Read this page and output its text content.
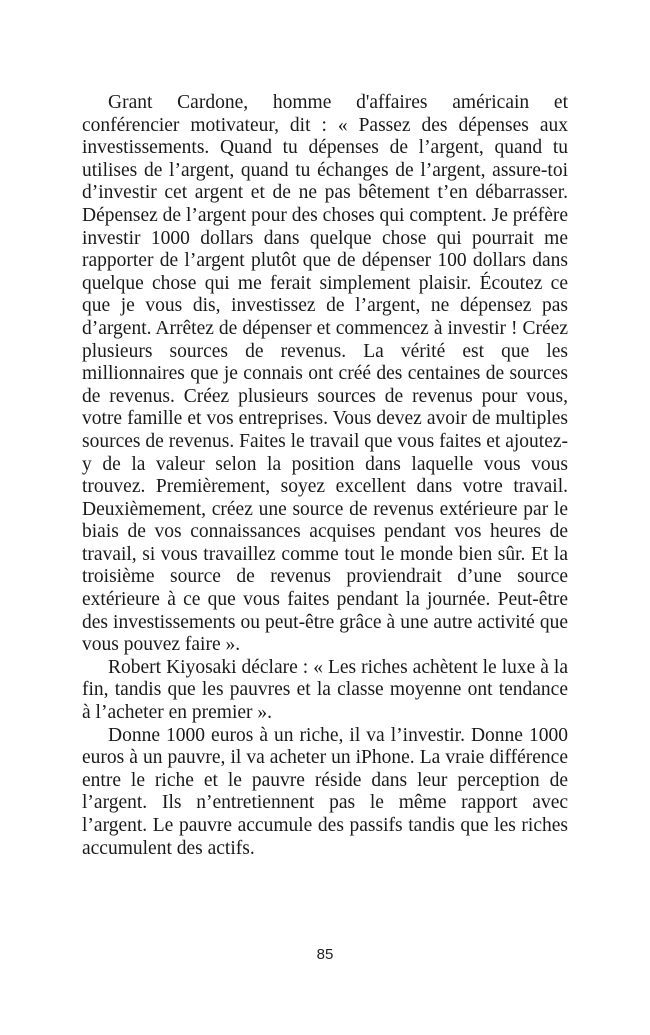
Grant Cardone, homme d'affaires américain et conférencier motivateur, dit : « Passez des dépenses aux investissements. Quand tu dépenses de l’argent, quand tu utilises de l’argent, quand tu échanges de l’argent, assure-toi d’investir cet argent et de ne pas bêtement t’en débarrasser. Dépensez de l’argent pour des choses qui comptent. Je préfère investir 1000 dollars dans quelque chose qui pourrait me rapporter de l’argent plutôt que de dépenser 100 dollars dans quelque chose qui me ferait simplement plaisir. Écoutez ce que je vous dis, investissez de l’argent, ne dépensez pas d’argent. Arrêtez de dépenser et commencez à investir ! Créez plusieurs sources de revenus. La vérité est que les millionnaires que je connais ont créé des centaines de sources de revenus. Créez plusieurs sources de revenus pour vous, votre famille et vos entreprises. Vous devez avoir de multiples sources de revenus. Faites le travail que vous faites et ajoutez-y de la valeur selon la position dans laquelle vous vous trouvez. Premièrement, soyez excellent dans votre travail. Deuxièmement, créez une source de revenus extérieure par le biais de vos connaissances acquises pendant vos heures de travail, si vous travaillez comme tout le monde bien sûr. Et la troisième source de revenus proviendrait d’une source extérieure à ce que vous faites pendant la journée. Peut-être des investissements ou peut-être grâce à une autre activité que vous pouvez faire ».

Robert Kiyosaki déclare : « Les riches achètent le luxe à la fin, tandis que les pauvres et la classe moyenne ont tendance à l’acheter en premier ».

Donne 1000 euros à un riche, il va l’investir. Donne 1000 euros à un pauvre, il va acheter un iPhone. La vraie différence entre le riche et le pauvre réside dans leur perception de l’argent. Ils n’entretiennent pas le même rapport avec l’argent. Le pauvre accumule des passifs tandis que les riches accumulent des actifs.

85
